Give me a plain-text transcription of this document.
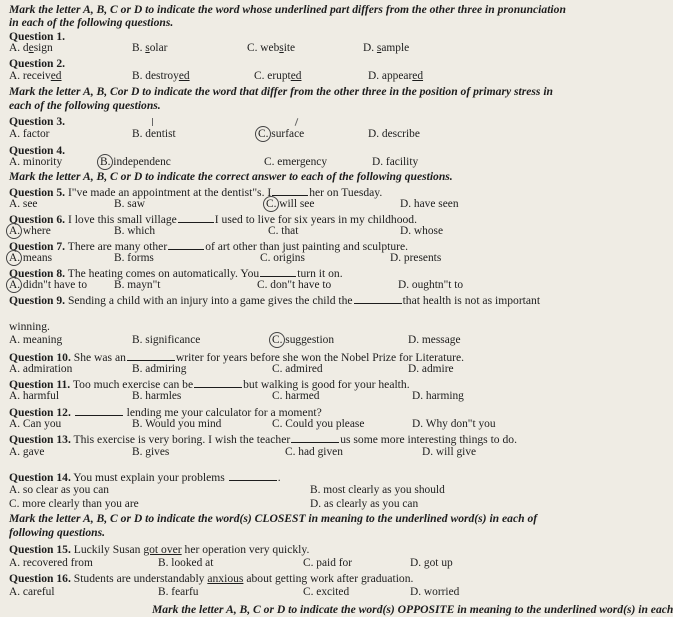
Mark the letter A, B, C or D to indicate the word whose underlined part differs from the other three in pronunciation
in each of the following questions.
Question 1.
A. design	B. solar	C. website	D. sample
Question 2.
A. received	B. destroyed	C. erupted	D. appeared
Mark the letter A, B, Cor D to indicate the word that differ from the other three in the position of primary stress in
each of the following questions.
Question 3.
A. factor	B. dentist	C. surface	D. describe
Question 4.
A. minority	B. independenc	C. emergency	D. facility
Mark the letter A, B, C or D to indicate the correct answer to each of the following questions.
Question 5. I"ve made an appointment at the dentist"s. I	her on Tuesday.
A. see	B. saw	C. will see	D. have seen
Question 6. I love this small village	I used to live for six years in my childhood.
A. where	B. which	C. that	D. whose
Question 7. There are many other	of art other than just painting and sculpture.
A. means	B. forms	C. origins	D. presents
Question 8. The heating comes on automatically. You	turn it on.
A. didn"t have to B. mayn"t	C. don"t have to	D. oughtn"t to
Question 9. Sending a child with an injury into a game gives the child the	that health is not as important
winning.
A. meaning	B. significance	C. suggestion	D. message
Question 10. She was an	writer for years before she won the Nobel Prize for Literature.
A. admiration	B. admiring	C. admired	D. admire
Question 11. Too much exercise can be	but walking is good for your health.
A. harmful	B. harmles	C. harmed	D. harming
Question 12.	lending me your calculator for a moment?
A. Can you	B. Would you mind	C. Could you please	D. Why don"t you
Question 13. This exercise is very boring. I wish the teacher	us some more interesting things to do.
A. gave	B. gives	C. had given	D. will give
Question 14. You must explain your problems	.
A. so clear as you can	B. most clearly as you should
C. more clearly than you are	D. as clearly as you can
Mark the letter A, B, C or D to indicate the word(s) CLOSEST in meaning to the underlined word(s) in each of
following questions.
Question 15. Luckily Susan got over her operation very quickly.
A. recovered from	B. looked at	C. paid for	D. got up
Question 16. Students are understandably anxious about getting work after graduation.
A. careful	B. fearfu	C. excited	D. worried
Mark the letter A, B, C or D to indicate the word(s) OPPOSITE in meaning to the underlined word(s) in each
